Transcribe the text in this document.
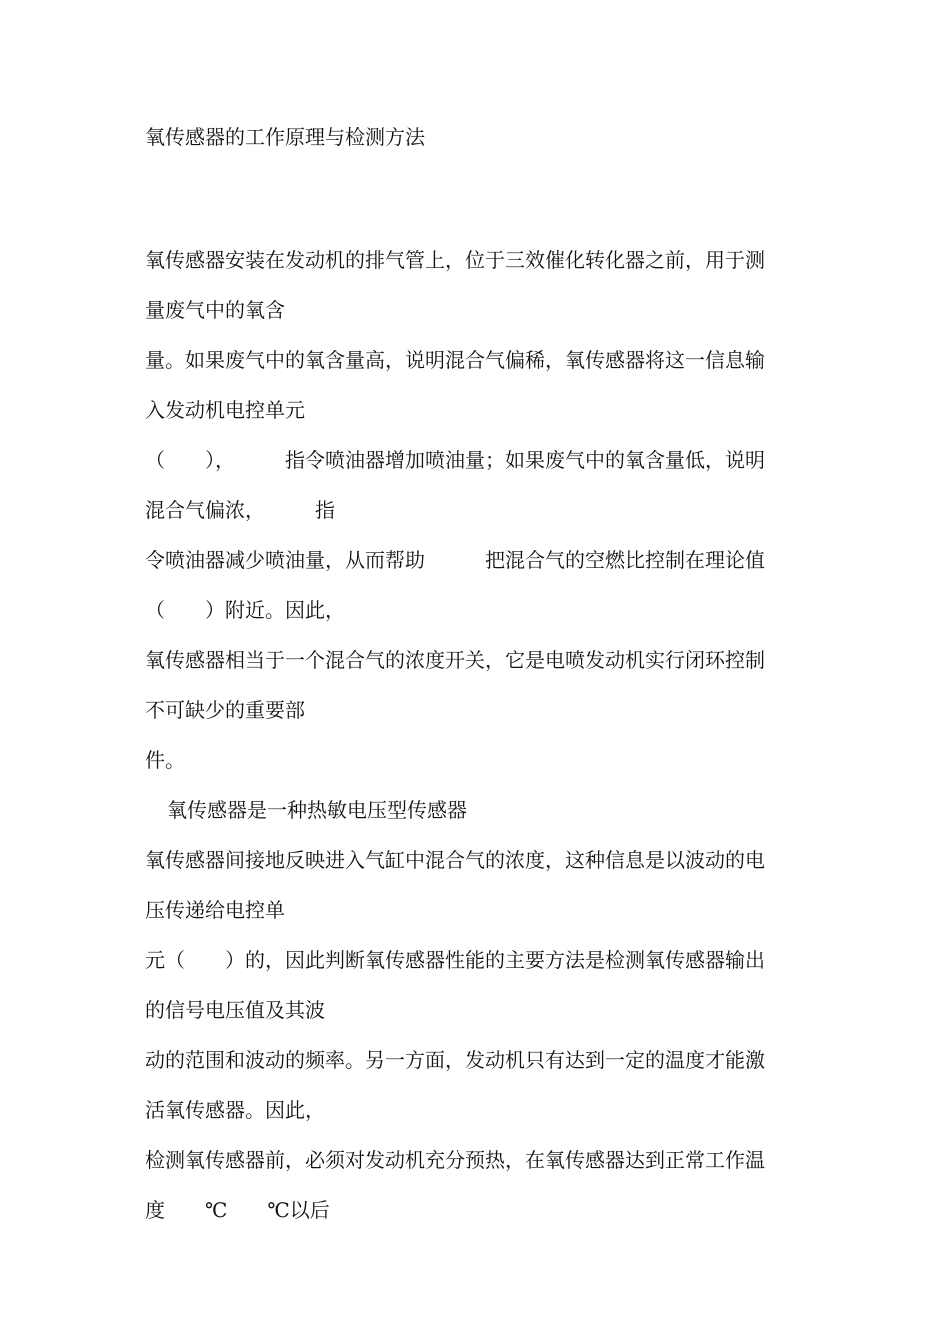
氧传感器的工作原理与检测方法
氧传感器安装在发动机的排气管上，位于三效催化转化器之前，用于测
量废气中的氧含
量。如果废气中的氧含量高，说明混合气偏稀，氧传感器将这一信息输
入发动机电控单元
（　　），　　　指令喷油器增加喷油量；如果废气中的氧含量低，说明
混合气偏浓，　　　指
令喷油器减少喷油量，从而帮助　　　把混合气的空燃比控制在理论值
（　　）附近。因此，
氧传感器相当于一个混合气的浓度开关，它是电喷发动机实行闭环控制
不可缺少的重要部
件。
氧传感器是一种热敏电压型传感器
氧传感器间接地反映进入气缸中混合气的浓度，这种信息是以波动的电
压传递给电控单
元（　　）的，因此判断氧传感器性能的主要方法是检测氧传感器输出
的信号电压值及其波
动的范围和波动的频率。另一方面，发动机只有达到一定的温度才能激
活氧传感器。因此，
检测氧传感器前，必须对发动机充分预热，在氧传感器达到正常工作温
度　　℃　　℃以后
